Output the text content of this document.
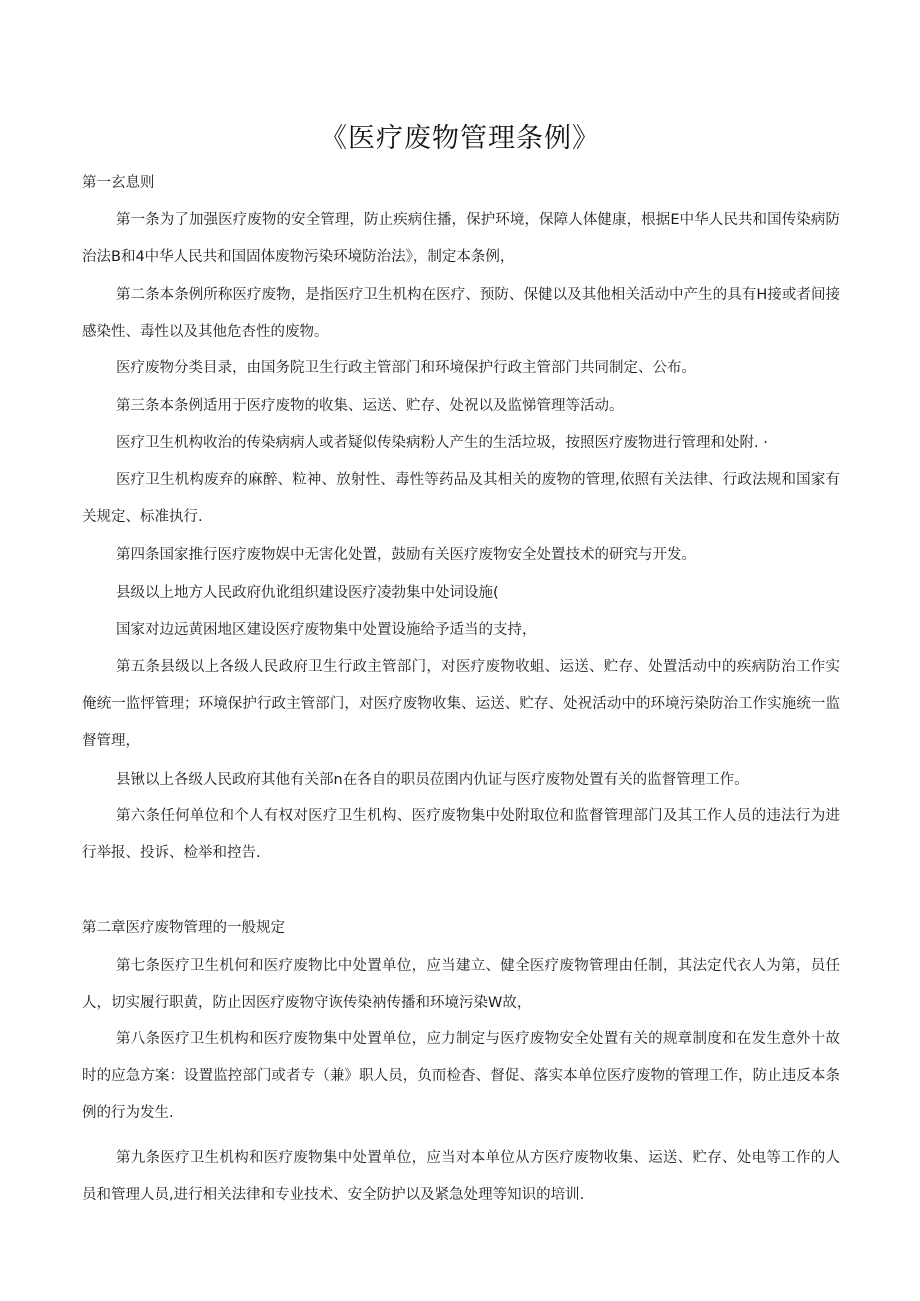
《医疗废物管理条例》
第一玄息则

第一条为了加强医疗废物的安全管理，防止疾病住播，保护环境，保障人体健康，根据E中华人民共和国传染病防治法B和4中华人民共和国固体废物污染环境防治法》，制定本条例，

第二条本条例所称医疗废物，是指医疗卫生机构在医疗、预防、保健以及其他相关活动中产生的具有H接或者间接感染性、毒性以及其他危杏性的废物。

医疗废物分类目录，由国务院卫生行政主管部门和环境保护行政主管部门共同制定、公布。

第三条本条例适用于医疗废物的收集、运送、贮存、处祝以及监悌管理等活动。

医疗卫生机构收治的传染病病人或者疑似传染病粉人产生的生活垃圾，按照医疗废物进行管理和处附. ·

医疗卫生机构废弃的麻醉、粒神、放射性、毒性等药品及其相关的废物的管理,依照有关法律、行政法规和国家有关规定、标准执行.

第四条国家推行医疗废物娱中无害化处置，鼓励有关医疗废物安全处置技术的研究与开发。

县级以上地方人民政府仇讹组织建设医疗凌勃集中处词设施(

国家对边远黄困地区建设医疗废物集中处置设施给予适当的支持，

第五条县级以上各级人民政府卫生行政主管部门，对医疗废物收蛆、运送、贮存、处置活动中的疾病防治工作实俺统一监怦管理；环境保护行政主管部门，对医疗废物收集、运送、贮存、处祝活动中的环境污染防治工作实施统一监督管理，

县锹以上各级人民政府其他有关部n在各自的职员莅圉内仇证与医疗废物处置有关的监督管理工作。

第六条任何单位和个人有权对医疗卫生机构、医疗废物集中处附取位和监督管理部门及其工作人员的违法行为进行举报、投诉、检举和控告.

第二章医疗废物管理的一般规定

第七条医疗卫生机何和医疗废物比中处置单位，应当建立、健全医疗废物管理由任制，其法定代衣人为第，员任人，切实履行职黄，防止因医疗废物守诙传染衲传播和环境污染W故，

第八条医疗卫生机构和医疗废物集中处置单位，应力制定与医疗废物安全处置有关的规章制度和在发生意外十故时的应急方案：设置监控部门或者专（兼》职人员，负而检杳、督促、落实本单位医疗废物的管理工作，防止违反本条例的行为发生.

第九条医疗卫生机构和医疗废物集中处置单位，应当对本单位从方医疗废物收集、运送、贮存、处电等工作的人员和管理人员,进行相关法律和专业技术、安全防护以及紧急处理等知识的培训.
